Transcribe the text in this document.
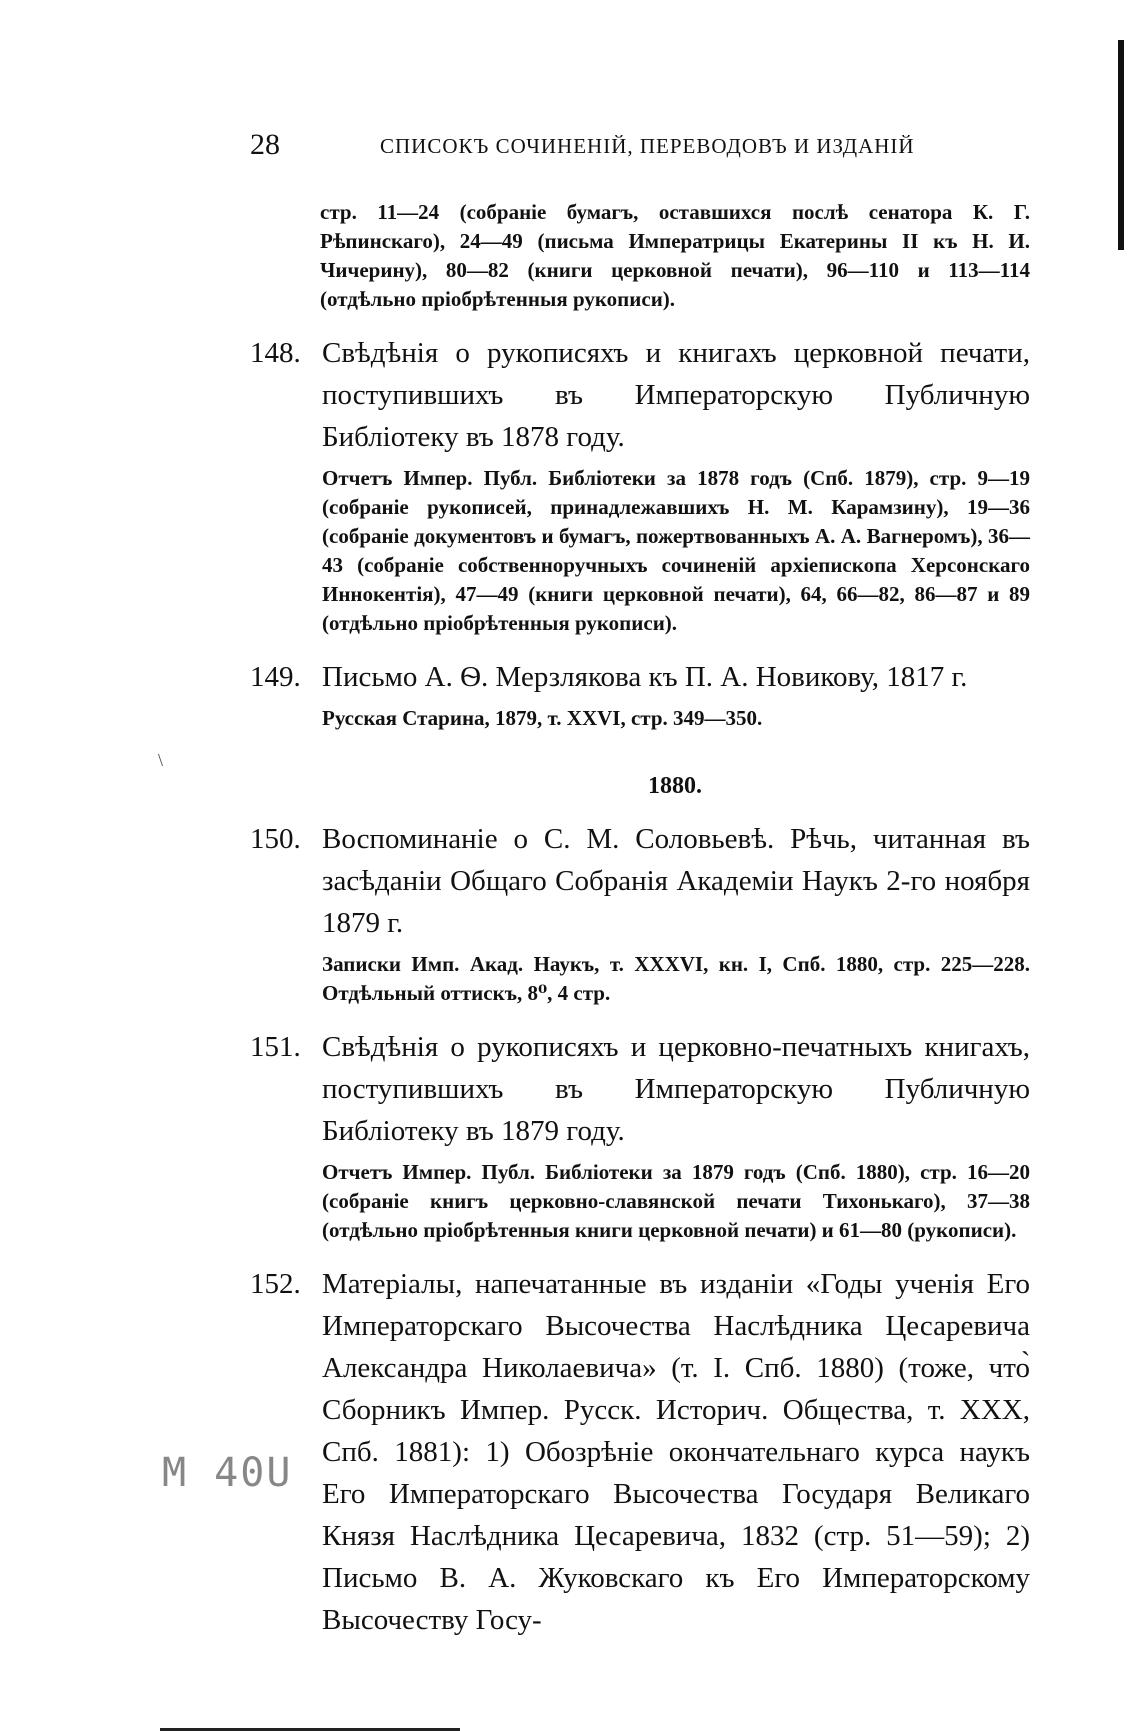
28	СПИСОКЪ СОЧИНЕНІЙ, ПЕРЕВОДОВЪ И ИЗДАНІЙ
\
стр. 11—24 (собраніе бумагъ, оставшихся послѣ сенатора К. Г. Рѣпинскаго), 24—49 (письма Императрицы Екатерины II къ Н. И. Чичерину), 80—82 (книги церковной печати), 96—110 и 113—114 (отдѣльно пріобрѣтенныя рукописи).
148. Свѣдѣнія о рукописяхъ и книгахъ церковной печати, поступившихъ въ Императорскую Публичную Библіотеку въ 1878 году.
Отчетъ Импер. Публ. Библіотеки за 1878 годъ (Спб. 1879), стр. 9—19 (собраніе рукописей, принадлежавшихъ Н. М. Карамзину), 19—36 (собраніе документовъ и бумагъ, пожертвованныхъ А. А. Вагнеромъ), 36—43 (собраніе собственноручныхъ сочиненій архіепископа Херсонскаго Иннокентія), 47—49 (книги церковной печати), 64, 66—82, 86—87 и 89 (отдѣльно пріобрѣтенныя рукописи).
149. Письмо А. Ѳ. Мерзлякова къ П. А. Новикову, 1817 г.
Русская Старина, 1879, т. XXVI, стр. 349—350.
1880.
150. Воспоминаніе о С. М. Соловьевѣ. Рѣчь, читанная въ засѣданіи Общаго Собранія Академіи Наукъ 2-го ноября 1879 г.
Записки Имп. Акад. Наукъ, т. XXXVI, кн. I, Спб. 1880, стр. 225—228. Отдѣльный оттискъ, 8⁰, 4 стр.
151. Свѣдѣнія о рукописяхъ и церковно-печатныхъ книгахъ, поступившихъ въ Императорскую Публичную Библіотеку въ 1879 году.
Отчетъ Импер. Публ. Библіотеки за 1879 годъ (Спб. 1880), стр. 16—20 (собраніе книгъ церковно-славянской печати Тихонькаго), 37—38 (отдѣльно пріобрѣтенныя книги церковной печати) и 61—80 (рукописи).
152. Матеріалы, напечатанные въ изданіи «Годы ученія Его Императорскаго Высочества Наслѣдника Цесаревича Александра Николаевича» (т. I. Спб. 1880) (тоже, что̀ Сборникъ Импер. Русск. Историч. Общества, т. XXX, Спб. 1881): 1) Обозрѣніе окончательнаго курса наукъ Его Императорскаго Высочества Государя Великаго Князя Наслѣдника Цесаревича, 1832 (стр. 51—59); 2) Письмо В. А. Жуковскаго къ Его Императорскому Высочеству Госу-
M 40U
